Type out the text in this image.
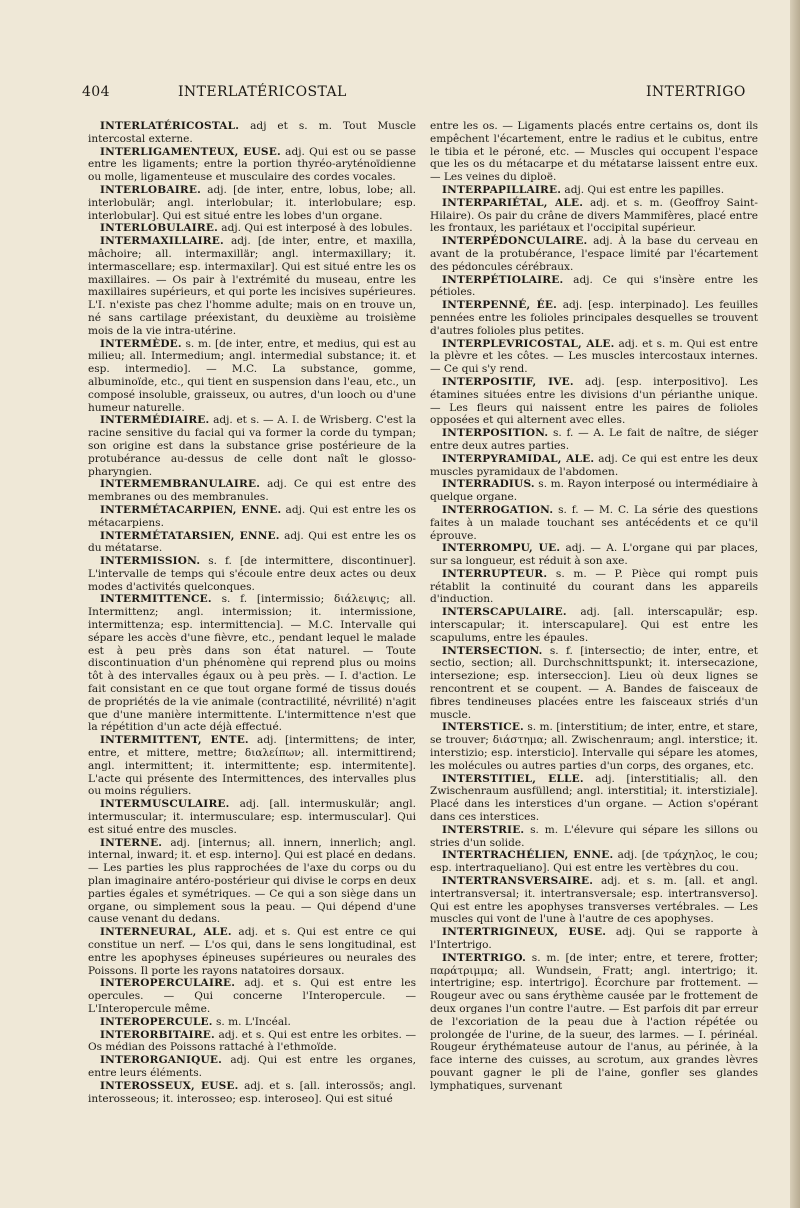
404	INTERLATÉRICOSTAL	INTERTRIGO

INTERLATÉRICOSTAL. adj et s. m. Tout Muscle intercostal externe.

INTERLIGAMENTEUX, EUSE. adj. Qui est ou se passe entre les ligaments; entre la portion thyréo-aryténoïdienne ou molle, ligamenteuse et musculaire des cordes vocales.

INTERLOBAIRE. adj. [de inter, entre, lobus, lobe; all. interlobulär; angl. interlobular; it. interlobulare; esp. interlobular]. Qui est situé entre les lobes d'un organe.

INTERLOBULAIRE. adj. Qui est interposé à des lobules.

INTERMAXILLAIRE. adj. [de inter, entre, et maxilla, mâchoire; all. intermaxillär; angl. intermaxillary; it. intermascellare; esp. intermaxilar]. Qui est situé entre les os maxillaires. — Os pair à l'extrémité du museau, entre les maxillaires supérieurs, et qui porte les incisives supérieures. L'I. n'existe pas chez l'homme adulte; mais on en trouve un, né sans cartilage préexistant, du deuxième au troisième mois de la vie intra-utérine.

INTERMÈDE. s. m. [de inter, entre, et medius, qui est au milieu; all. Intermedium; angl. intermedial substance; it. et esp. intermedio]. — M.C. La substance, gomme, albuminoïde, etc., qui tient en suspension dans l'eau, etc., un composé insoluble, graisseux, ou autres, d'un looch ou d'une humeur naturelle.

INTERMÉDIAIRE. adj. et s. — A. I. de Wrisberg. C'est la racine sensitive du facial qui va former la corde du tympan; son origine est dans la substance grise postérieure de la protubérance au-dessus de celle dont naît le glosso-pharyngien.

INTERMEMBRANULAIRE. adj. Ce qui est entre des membranes ou des membranules.

INTERMÉTACARPIEN, ENNE. adj. Qui est entre les os métacarpiens.

INTERMÉTATARSIEN, ENNE. adj. Qui est entre les os du métatarse.

INTERMISSION. s. f. [de intermittere, discontinuer]. L'intervalle de temps qui s'écoule entre deux actes ou deux modes d'activités quelconques.

INTERMITTENCE. s. f. [intermissio; διάλειψις; all. Intermittenz; angl. intermission; it. intermissione, intermittenza; esp. intermittencia]. — M.C. Intervalle qui sépare les accès d'une fièvre, etc., pendant lequel le malade est à peu près dans son état naturel. — Toute discontinuation d'un phénomène qui reprend plus ou moins tôt à des intervalles égaux ou à peu près. — I. d'action. Le fait consistant en ce que tout organe formé de tissus doués de propriétés de la vie animale (contractilité, névrilité) n'agit que d'une manière intermittente. L'intermittence n'est que la répétition d'un acte déjà effectué.

INTERMITTENT, ENTE. adj. [intermittens; de inter, entre, et mittere, mettre; διαλείπων; all. intermittirend; angl. intermittent; it. intermittente; esp. intermitente]. L'acte qui présente des Intermittences, des intervalles plus ou moins réguliers.

INTERMUSCULAIRE. adj. [all. intermuskulär; angl. intermuscular; it. intermusculare; esp. intermuscular]. Qui est situé entre des muscles.

INTERNE. adj. [internus; all. innern, innerlich; angl. internal, inward; it. et esp. interno]. Qui est placé en dedans. — Les parties les plus rapprochées de l'axe du corps ou du plan imaginaire antéro-postérieur qui divise le corps en deux parties égales et symétriques. — Ce qui a son siège dans un organe, ou simplement sous la peau. — Qui dépend d'une cause venant du dedans.

INTERNEURAL, ALE. adj. et s. Qui est entre ce qui constitue un nerf. — L'os qui, dans le sens longitudinal, est entre les apophyses épineuses supérieures ou neurales des Poissons. Il porte les rayons natatoires dorsaux.

INTEROPERCULAIRE. adj. et s. Qui est entre les opercules. — Qui concerne l'Interopercule. — L'Interopercule même.

INTEROPERCULE. s. m. L'Incéal.

INTERORBITAIRE. adj. et s. Qui est entre les orbites. — Os médian des Poissons rattaché à l'ethmoïde.

INTERORGANIQUE. adj. Qui est entre les organes, entre leurs éléments.

INTEROSSEUX, EUSE. adj. et s. [all. interossös; angl. interosseous; it. interosseo; esp. interoseo]. Qui est situé

entre les os. — Ligaments placés entre certains os, dont ils empêchent l'écartement, entre le radius et le cubitus, entre le tibia et le péroné, etc. — Muscles qui occupent l'espace que les os du métacarpe et du métatarse laissent entre eux. — Les veines du diploë.

INTERPAPILLAIRE. adj. Qui est entre les papilles.

INTERPARIÉTAL, ALE. adj. et s. m. (Geoffroy Saint-Hilaire). Os pair du crâne de divers Mammifères, placé entre les frontaux, les pariétaux et l'occipital supérieur.

INTERPÉDONCULAIRE. adj. À la base du cerveau en avant de la protubérance, l'espace limité par l'écartement des pédoncules cérébraux.

INTERPÉTIOLAIRE. adj. Ce qui s'insère entre les pétioles.

INTERPENNÉ, ÉE. adj. [esp. interpinado]. Les feuilles pennées entre les folioles principales desquelles se trouvent d'autres folioles plus petites.

INTERPLEVRICOSTAL, ALE. adj. et s. m. Qui est entre la plèvre et les côtes. — Les muscles intercostaux internes. — Ce qui s'y rend.

INTERPOSITIF, IVE. adj. [esp. interpositivo]. Les étamines situées entre les divisions d'un périanthe unique. — Les fleurs qui naissent entre les paires de folioles opposées et qui alternent avec elles.

INTERPOSITION. s. f. — A. Le fait de naître, de siéger entre deux autres parties.

INTERPYRAMIDAL, ALE. adj. Ce qui est entre les deux muscles pyramidaux de l'abdomen.

INTERRADIUS. s. m. Rayon interposé ou intermédiaire à quelque organe.

INTERROGATION. s. f. — M. C. La série des questions faites à un malade touchant ses antécédents et ce qu'il éprouve.

INTERROMPU, UE. adj. — A. L'organe qui par places, sur sa longueur, est réduit à son axe.

INTERRUPTEUR. s. m. — P. Pièce qui rompt puis rétablit la continuité du courant dans les appareils d'induction.

INTERSCAPULAIRE. adj. [all. interscapulär; esp. interscapular; it. interscapulare]. Qui est entre les scapulums, entre les épaules.

INTERSECTION. s. f. [intersectio; de inter, entre, et sectio, section; all. Durchschnittspunkt; it. intersecazione, intersezione; esp. interseccion]. Lieu où deux lignes se rencontrent et se coupent. — A. Bandes de faisceaux de fibres tendineuses placées entre les faisceaux striés d'un muscle.

INTERSTICE. s. m. [interstitium; de inter, entre, et stare, se trouver; διάστημα; all. Zwischenraum; angl. interstice; it. interstizio; esp. intersticio]. Intervalle qui sépare les atomes, les molécules ou autres parties d'un corps, des organes, etc.

INTERSTITIEL, ELLE. adj. [interstitialis; all. den Zwischenraum ausfüllend; angl. interstitial; it. interstiziale]. Placé dans les interstices d'un organe. — Action s'opérant dans ces interstices.

INTERSTRIE. s. m. L'élevure qui sépare les sillons ou stries d'un solide.

INTERTRACHÉLIEN, ENNE. adj. [de τράχηλος, le cou; esp. intertraqueliano]. Qui est entre les vertèbres du cou.

INTERTRANSVERSAIRE. adj. et s. m. [all. et angl. intertransversal; it. intertransversale; esp. intertransverso]. Qui est entre les apophyses transverses vertébrales. — Les muscles qui vont de l'une à l'autre de ces apophyses.

INTERTRIGINEUX, EUSE. adj. Qui se rapporte à l'Intertrigo.

INTERTRIGO. s. m. [de inter; entre, et terere, frotter; παράτριμμα; all. Wundsein, Fratt; angl. intertrigo; it. intertrigine; esp. intertrigo]. Écorchure par frottement. — Rougeur avec ou sans érythème causée par le frottement de deux organes l'un contre l'autre. — Est parfois dit par erreur de l'excoriation de la peau due à l'action répétée ou prolongée de l'urine, de la sueur, des larmes. — I. périnéal. Rougeur érythémateuse autour de l'anus, au périnée, à la face interne des cuisses, au scrotum, aux grandes lèvres pouvant gagner le pli de l'aine, gonfler ses glandes lymphatiques, survenant
